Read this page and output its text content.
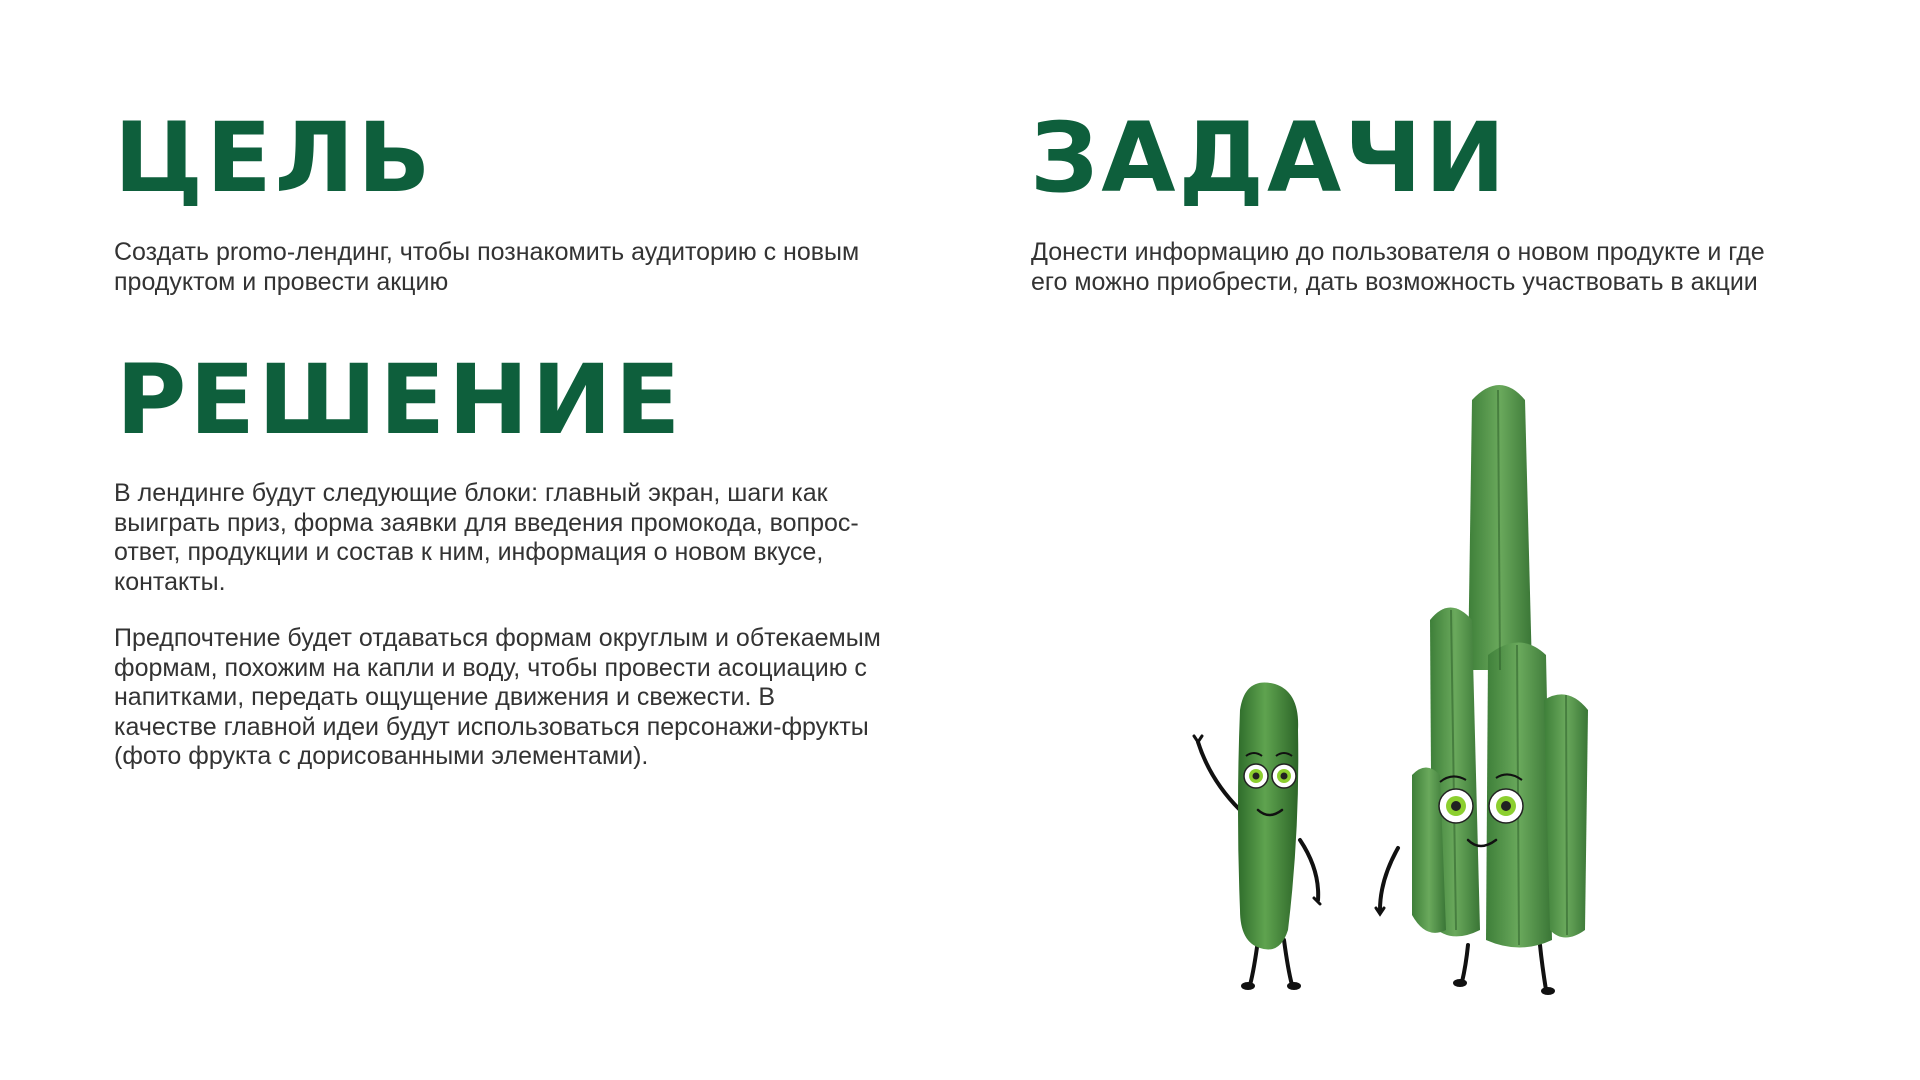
ЦЕЛЬ

Создать promo-лендинг, чтобы познакомить аудиторию с новым
продуктом и провести акцию

ЗАДАЧИ

Донести информацию до пользователя о новом продукте и где
его можно приобрести, дать возможность участвовать в акции

РЕШЕНИЕ

В лендинге будут следующие блоки: главный экран, шаги как
выиграть приз, форма заявки для введения промокода, вопрос-
ответ, продукции и состав к ним, информация о новом вкусе,
контакты.

Предпочтение будет отдаваться формам округлым и обтекаемым
формам, похожим на капли и воду, чтобы провести асоциацию с
напитками, передать ощущение движения и свежести. В
качестве главной идеи будут использоваться персонажи-фрукты
(фото фрукта с дорисованными элементами).
